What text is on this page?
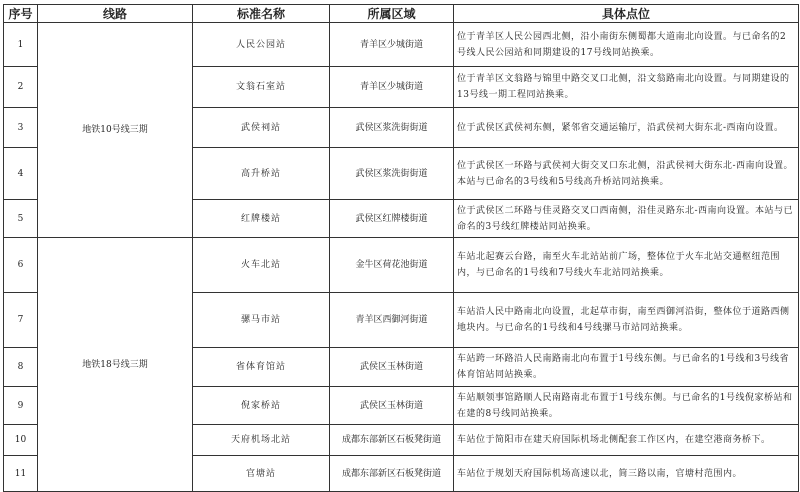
序号	线路	标准名称	所属区域	具体点位
1	地铁10号线三期	人民公园站	青羊区少城街道	位于青羊区人民公园西北侧，沿小南街东侧蜀都大道南北向设置。与已命名的2号线人民公园站和同期建设的17号线同站换乘。
2		文翁石室站	青羊区少城街道	位于青羊区文翁路与锦里中路交叉口北侧，沿文翁路南北向设置。与同期建设的13号线一期工程同站换乘。
3		武侯祠站	武侯区浆洗街街道	位于武侯区武侯祠东侧，紧邻省交通运输厅，沿武侯祠大街东北-西南向设置。
4		高升桥站	武侯区浆洗街街道	位于武侯区一环路与武侯祠大街交叉口东北侧，沿武侯祠大街东北-西南向设置。本站与已命名的3号线和5号线高升桥站同站换乘。
5		红牌楼站	武侯区红牌楼街道	位于武侯区二环路与佳灵路交叉口西南侧，沿佳灵路东北-西南向设置。本站与已命名的3号线红牌楼站同站换乘。
6	地铁18号线三期	火车北站	金牛区荷花池街道	车站北起赛云台路，南至火车北站站前广场，整体位于火车北站交通枢纽范围内，与已命名的1号线和7号线火车北站同站换乘。
7		骡马市站	青羊区西御河街道	车站沿人民中路南北向设置，北起草市街，南至西御河沿街，整体位于道路西侧地块内。与已命名的1号线和4号线骡马市站同站换乘。
8		省体育馆站	武侯区玉林街道	车站跨一环路沿人民南路南北向布置于1号线东侧。与已命名的1号线和3号线省体育馆站同站换乘。
9		倪家桥站	武侯区玉林街道	车站顺领事馆路顺人民南路南北布置于1号线东侧。与已命名的1号线倪家桥站和在建的8号线同站换乘。
10		天府机场北站	成都东部新区石板凳街道	车站位于简阳市在建天府国际机场北侧配套工作区内，在建空港商务桥下。
11		官塘站	成都东部新区石板凳街道	车站位于规划天府国际机场高速以北，简三路以南，官塘村范围内。
